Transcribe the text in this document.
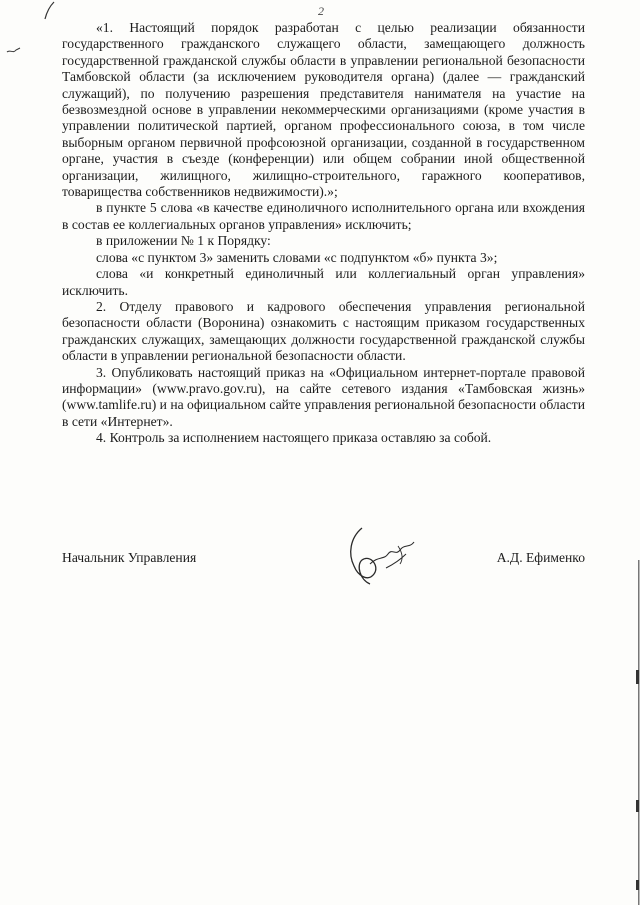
2

«1. Настоящий порядок разработан с целью реализации обязанности государственного гражданского служащего области, замещающего должность государственной гражданской службы области в управлении региональной безопасности Тамбовской области (за исключением руководителя органа) (далее — гражданский служащий), по получению разрешения представителя нанимателя на участие на безвозмездной основе в управлении некоммерческими организациями (кроме участия в управлении политической партией, органом профессионального союза, в том числе выборным органом первичной профсоюзной организации, созданной в государственном органе, участия в съезде (конференции) или общем собрании иной общественной организации, жилищного, жилищно-строительного, гаражного кооперативов, товарищества собственников недвижимости).»;

в пункте 5 слова «в качестве единоличного исполнительного органа или вхождения в состав ее коллегиальных органов управления» исключить;

в приложении № 1 к Порядку:

слова «с пунктом 3» заменить словами «с подпунктом «б» пункта 3»;

слова «и конкретный единоличный или коллегиальный орган управления» исключить.

2. Отделу правового и кадрового обеспечения управления региональной безопасности области (Воронина) ознакомить с настоящим приказом государственных гражданских служащих, замещающих должности государственной гражданской службы области в управлении региональной безопасности области.

3. Опубликовать настоящий приказ на «Официальном интернет-портале правовой информации» (www.pravo.gov.ru), на сайте сетевого издания «Тамбовская жизнь» (www.tamlife.ru) и на официальном сайте управления региональной безопасности области в сети «Интернет».

4. Контроль за исполнением настоящего приказа оставляю за собой.

Начальник Управления	А.Д. Ефименко
